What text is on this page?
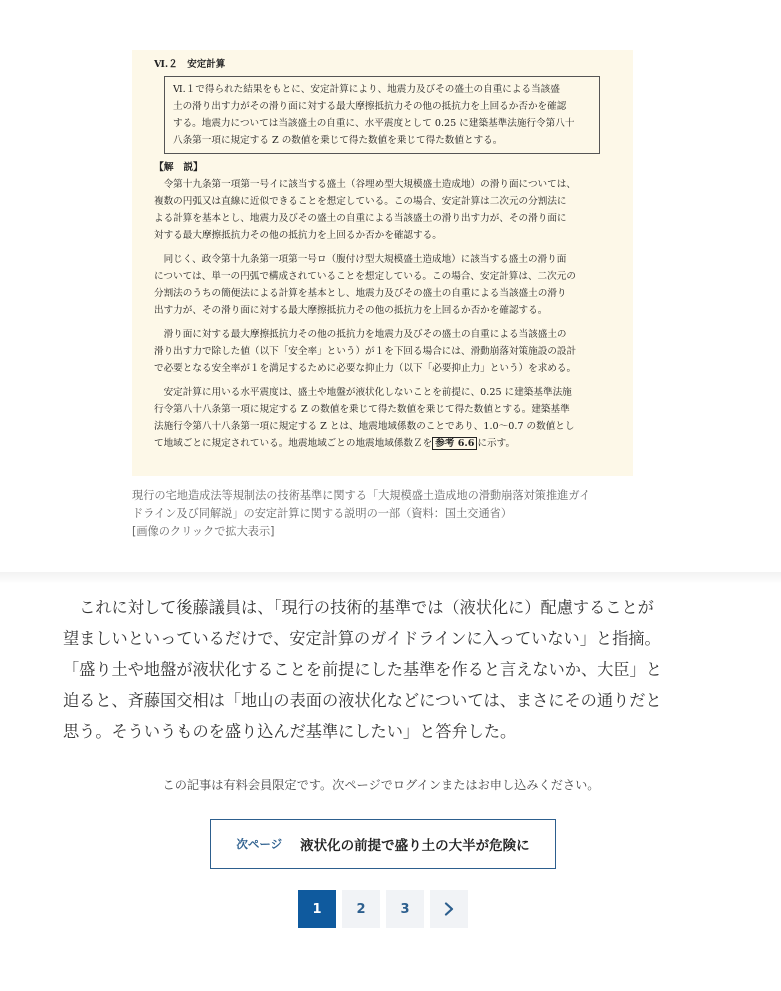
Ⅵ.２　安定計算
Ⅵ.１で得られた結果をもとに、安定計算により、地震力及びその盛土の自重による当該盛
土の滑り出す力がその滑り面に対する最大摩擦抵抗力その他の抵抗力を上回るか否かを確認
する。地震力については当該盛土の自重に、水平震度として 0.25 に建築基準法施行令第八十
八条第一項に規定する Z の数値を乗じて得た数値を乗じて得た数値とする。
【解　説】
　令第十九条第一項第一号イに該当する盛土（谷埋め型大規模盛土造成地）の滑り面については、
複数の円弧又は直線に近似できることを想定している。この場合、安定計算は二次元の分割法に
よる計算を基本とし、地震力及びその盛土の自重による当該盛土の滑り出す力が、その滑り面に
対する最大摩擦抵抗力その他の抵抗力を上回るか否かを確認する。
　同じく、政令第十九条第一項第一号ロ（腹付け型大規模盛土造成地）に該当する盛土の滑り面
については、単一の円弧で構成されていることを想定している。この場合、安定計算は、二次元の
分割法のうちの簡便法による計算を基本とし、地震力及びその盛土の自重による当該盛土の滑り
出す力が、その滑り面に対する最大摩擦抵抗力その他の抵抗力を上回るか否かを確認する。
　滑り面に対する最大摩擦抵抗力その他の抵抗力を地震力及びその盛土の自重による当該盛土の
滑り出す力で除した値（以下「安全率」という）が１を下回る場合には、滑動崩落対策施設の設計
で必要となる安全率が１を満足するために必要な抑止力（以下「必要抑止力」という）を求める。
　安定計算に用いる水平震度は、盛土や地盤が液状化しないことを前提に、0.25 に建築基準法施
行令第八十八条第一項に規定する Z の数値を乗じて得た数値を乗じて得た数値とする。建築基準
法施行令第八十八条第一項に規定する Z とは、地震地域係数のことであり、1.0〜0.7 の数値とし
て地域ごとに規定されている。地震地域ごとの地震地域係数Ｚを 参考 6.6 に示す。
現行の宅地造成法等規制法の技術基準に関する「大規模盛土造成地の滑動崩落対策推進ガイ
ドライン及び同解説」の安定計算に関する説明の一部（資料：国土交通省）
[画像のクリックで拡大表示]
　これに対して後藤議員は、「現行の技術的基準では（液状化に）配慮することが
望ましいといっているだけで、安定計算のガイドラインに入っていない」と指摘。
「盛り土や地盤が液状化することを前提にした基準を作ると言えないか、大臣」と
迫ると、斉藤国交相は「地山の表面の液状化などについては、まさにその通りだと
思う。そういうものを盛り込んだ基準にしたい」と答弁した。
この記事は有料会員限定です。次ページでログインまたはお申し込みください。
次ページ 液状化の前提で盛り土の大半が危険に
1	2	3
